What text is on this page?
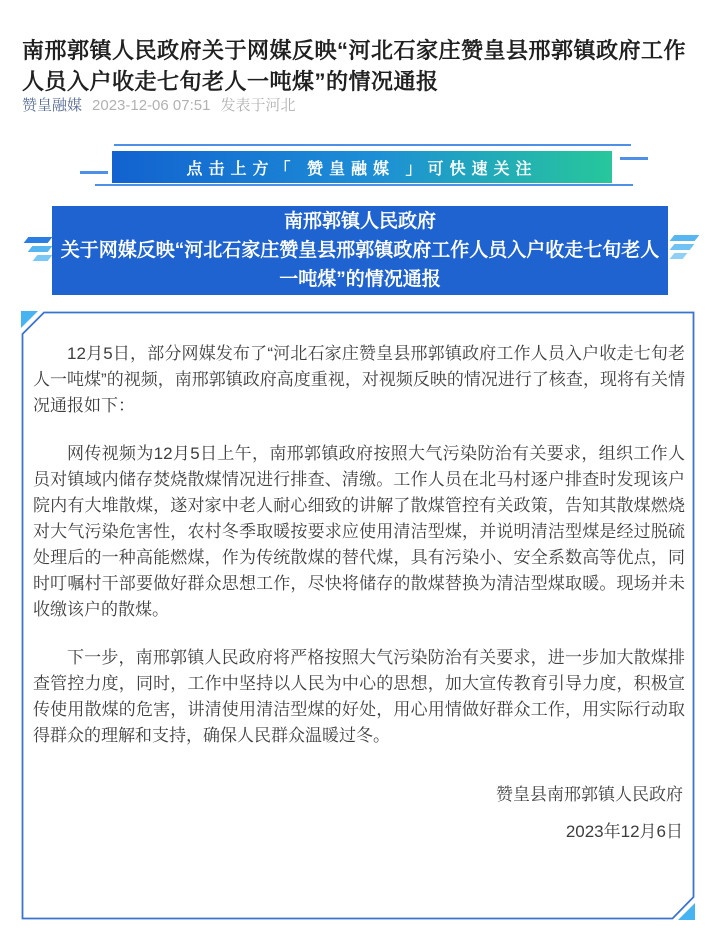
南邢郭镇人民政府关于网媒反映“河北石家庄赞皇县邢郭镇政府工作人员入户收走七旬老人一吨煤”的情况通报
赞皇融媒 2023-12-06 07:51 发表于河北
点击上方「 赞皇融媒 」可快速关注
南邢郭镇人民政府
关于网媒反映“河北石家庄赞皇县邢郭镇政府工作人员入户收走七旬老人一吨煤”的情况通报

12月5日，部分网媒发布了“河北石家庄赞皇县邢郭镇政府工作人员入户收走七旬老人一吨煤”的视频，南邢郭镇政府高度重视，对视频反映的情况进行了核查，现将有关情况通报如下：

网传视频为12月5日上午，南邢郭镇政府按照大气污染防治有关要求，组织工作人员对镇域内储存焚烧散煤情况进行排查、清缴。工作人员在北马村逐户排查时发现该户院内有大堆散煤，遂对家中老人耐心细致的讲解了散煤管控有关政策，告知其散煤燃烧对大气污染危害性，农村冬季取暖按要求应使用清洁型煤，并说明清洁型煤是经过脱硫处理后的一种高能燃煤，作为传统散煤的替代煤，具有污染小、安全系数高等优点，同时叮嘱村干部要做好群众思想工作，尽快将储存的散煤替换为清洁型煤取暖。现场并未收缴该户的散煤。

下一步，南邢郭镇人民政府将严格按照大气污染防治有关要求，进一步加大散煤排查管控力度，同时，工作中坚持以人民为中心的思想，加大宣传教育引导力度，积极宣传使用散煤的危害，讲清使用清洁型煤的好处，用心用情做好群众工作，用实际行动取得群众的理解和支持，确保人民群众温暖过冬。

赞皇县南邢郭镇人民政府
2023年12月6日
